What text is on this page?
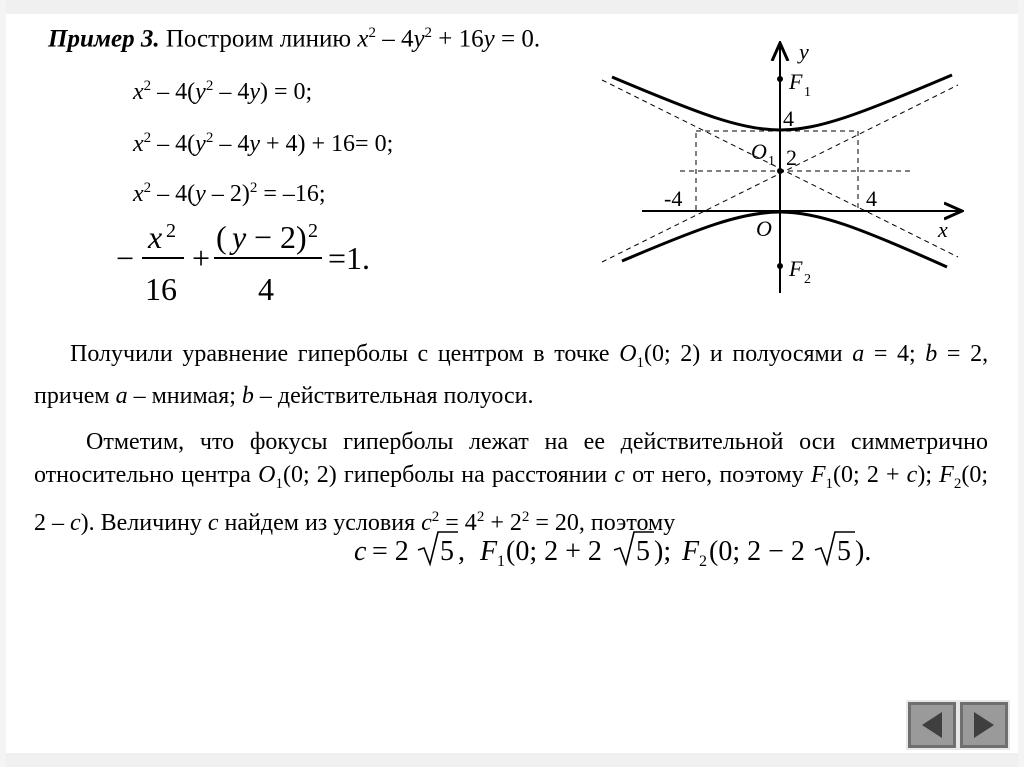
Пример 3. Построим линию $x^2 - 4y^2 + 16y = 0$.
$x^2 - 4(y^2 - 4y) = 0$;
$x^2 - 4(y^2 - 4y + 4) + 16= 0$;
$x^2 - 4(y - 2)^2 = -16$;
−
x 2
16
+
( y − 2) 2
4
=1.
y
x
O
F 1
4
O 1 2
-4	4
F 2
Получили уравнение гиперболы с центром в точке $O_1(0$; 2) и полуосями a = 4; b = 2, причем a – мнимая; b – действительная полуоси.
Отметим, что фокусы гиперболы лежат на ее действительной оси симметрично относительно центра $O_1(0$; 2) гиперболы на расстоянии c от него, поэтому $F_1(0$; 2 + c); $F_2(0$; 2 – c). Величину c найдем из условия $c^2 = 4^2 + 2^2 = 20$, поэтому
c = 2 5 , F 1 (0; 2 + 2 5 ); F 2 (0; 2 − 2 5 ).
